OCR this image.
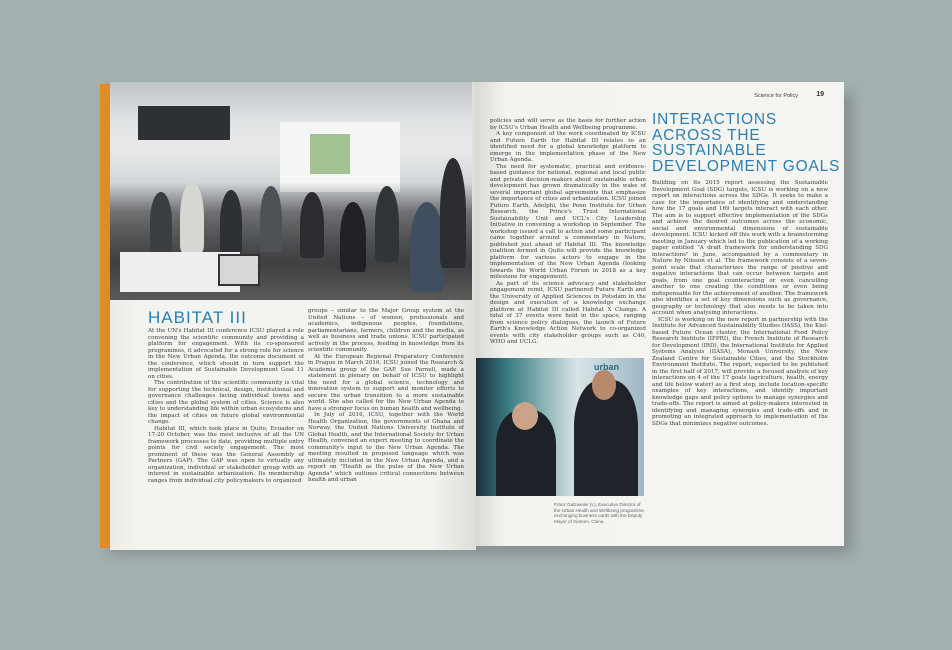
HABITAT III

At the UN's Habitat III conference ICSU played a role convening the scientific community and providing a platform for engagement. With its co-sponsored programmes, it advocated for a strong role for science in the New Urban Agenda, the outcome document of the conference, which should in turn support the implementation of Sustainable Development Goal 11 on cities.

The contribution of the scientific community is vital for supporting the technical, design, institutional and governance challenges facing individual towns and cities and the global system of cities. Science is also key to understanding life within urban ecosystems and the impact of cities on future global environmental change.

Habitat III, which took place in Quito, Ecuador on 17-20 October, was the most inclusive of all the UN framework processes to date, providing multiple entry points for civil society engagement. The most prominent of these was the General Assembly of Partners (GAP). The GAP was open to virtually any organization, individual or stakeholder group with an interest in sustainable urbanization. Its membership ranges from individual city policymakers to organized

groups – similar to the Major Group system at the United Nations – of women, professionals and academics, indigenous peoples, foundations, parliamentarians, farmers, children and the media, as well as business and trade unions. ICSU participated actively in the process, feeding in knowledge from its scientific community.

At the European Regional Preparatory Conference in Prague in March 2016, ICSU joined the Research & Academia group of the GAP. Sue Parnell, made a statement in plenary on behalf of ICSU to highlight the need for a global science, technology and innovation system to support and monitor efforts to secure the urban transition to a more sustainable world. She also called for the New Urban Agenda to have a stronger focus on human health and wellbeing.

In July of 2016, ICSU, together with the World Health Organization, the governments of Ghana and Norway, the United Nations University Institute of Global Health, and the International Society for Urban Health, convened an expert meeting to coordinate the community's input to the New Urban Agenda. The meeting resulted in proposed language which was ultimately included in the New Urban Agenda, and a report on "Health as the pulse of the New Urban Agenda" which outlines critical connections between health and urban

Science for Policy	19

policies and will serve as the basis for further action by ICSU's Urban Health and Wellbeing programme.

A key component of the work coordinated by ICSU and Future Earth for Habitat III relates to an identified need for a global knowledge platform to emerge in the implementation phase of the New Urban Agenda.

The need for systematic, practical and evidence-based guidance for national, regional and local public and private decision-makers about sustainable urban development has grown dramatically in the wake of several important global agreements that emphasize the importance of cities and urbanization. ICSU joined Future Earth, Adelphi, the Penn Institute for Urban Research, the Prince's Trust International Sustainability Unit and UCL's City Leadership Initiative in convening a workshop in September. The workshop issued a call to action and some participant came together around a commentary in Nature, published just ahead of Habitat III. The knowledge coalition formed in Quito will provide the knowledge platform for various actors to engage in the implementation of the New Urban Agenda (looking towards the World Urban Forum in 2018 as a key milestone for engagement).

As part of its science advocacy and stakeholder engagement remit, ICSU partnered Future Earth and the University of Applied Sciences in Potsdam in the design and execution of a knowledge exchange platform at Habitat III called Habitat X Change. A total of 37 events were held in the space, ranging from science policy dialogues, the launch of Future Earth's Knowledge Action Network to co-organized events with city stakeholder groups such as C40, WHO and UCLG.

urban
Franz Gatzweiler (L), Executive Director of the Urban Health and Wellbeing programme, exchanging business cards with the Deputy Mayor of Xiamen, China.
INTERACTIONS
ACROSS THE
SUSTAINABLE
DEVELOPMENT GOALS

Building on its 2015 report assessing the Sustainable Development Goal (SDG) targets, ICSU is working on a new report on interactions across the SDGs. It seeks to make a case for the importance of identifying and understanding how the 17 goals and 169 targets interact with each other. The aim is to support effective implementation of the SDGs and achieve the desired outcomes across the economic, social and environmental dimensions of sustainable development. ICSU kicked off this work with a brainstorming meeting in January which led to the publication of a working paper entitled "A draft framework for understanding SDG interactions" in June, accompanied by a commentary in Nature by Nilsson et al. The framework consists of a seven-point scale that characterizes the range of positive and negative interactions that can occur between targets and goals, from one goal counteracting or even cancelling another to one creating the conditions or even being indispensable for the achievement of another. The framework also identifies a set of key dimensions such as governance, geography or technology that also needs to be taken into account when analysing interactions.

ICSU is working on the new report in partnership with the Institute for Advanced Sustainability Studies (IASS), the Kiel-based Future Ocean cluster, the International Food Policy Research Institute (IFPRI), the French Institute of Research for Development (IRD), the International Institute for Applied Systems Analysis (IIASA), Monash University, the New Zealand Centre for Sustainable Cities, and the Stockholm Environment Institute. The report, expected to be published in the first half of 2017, will provide a focused analysis of key interactions on 4 of the 17 goals (agriculture, health, energy and life below water) as a first step, include location-specific examples of key interactions, and identify important knowledge gaps and policy options to manage synergies and trade-offs. The report is aimed at policy-makers interested in identifying and managing synergies and trade-offs and in promoting an integrated approach to implementation of the SDGs that minimizes negative outcomes.
